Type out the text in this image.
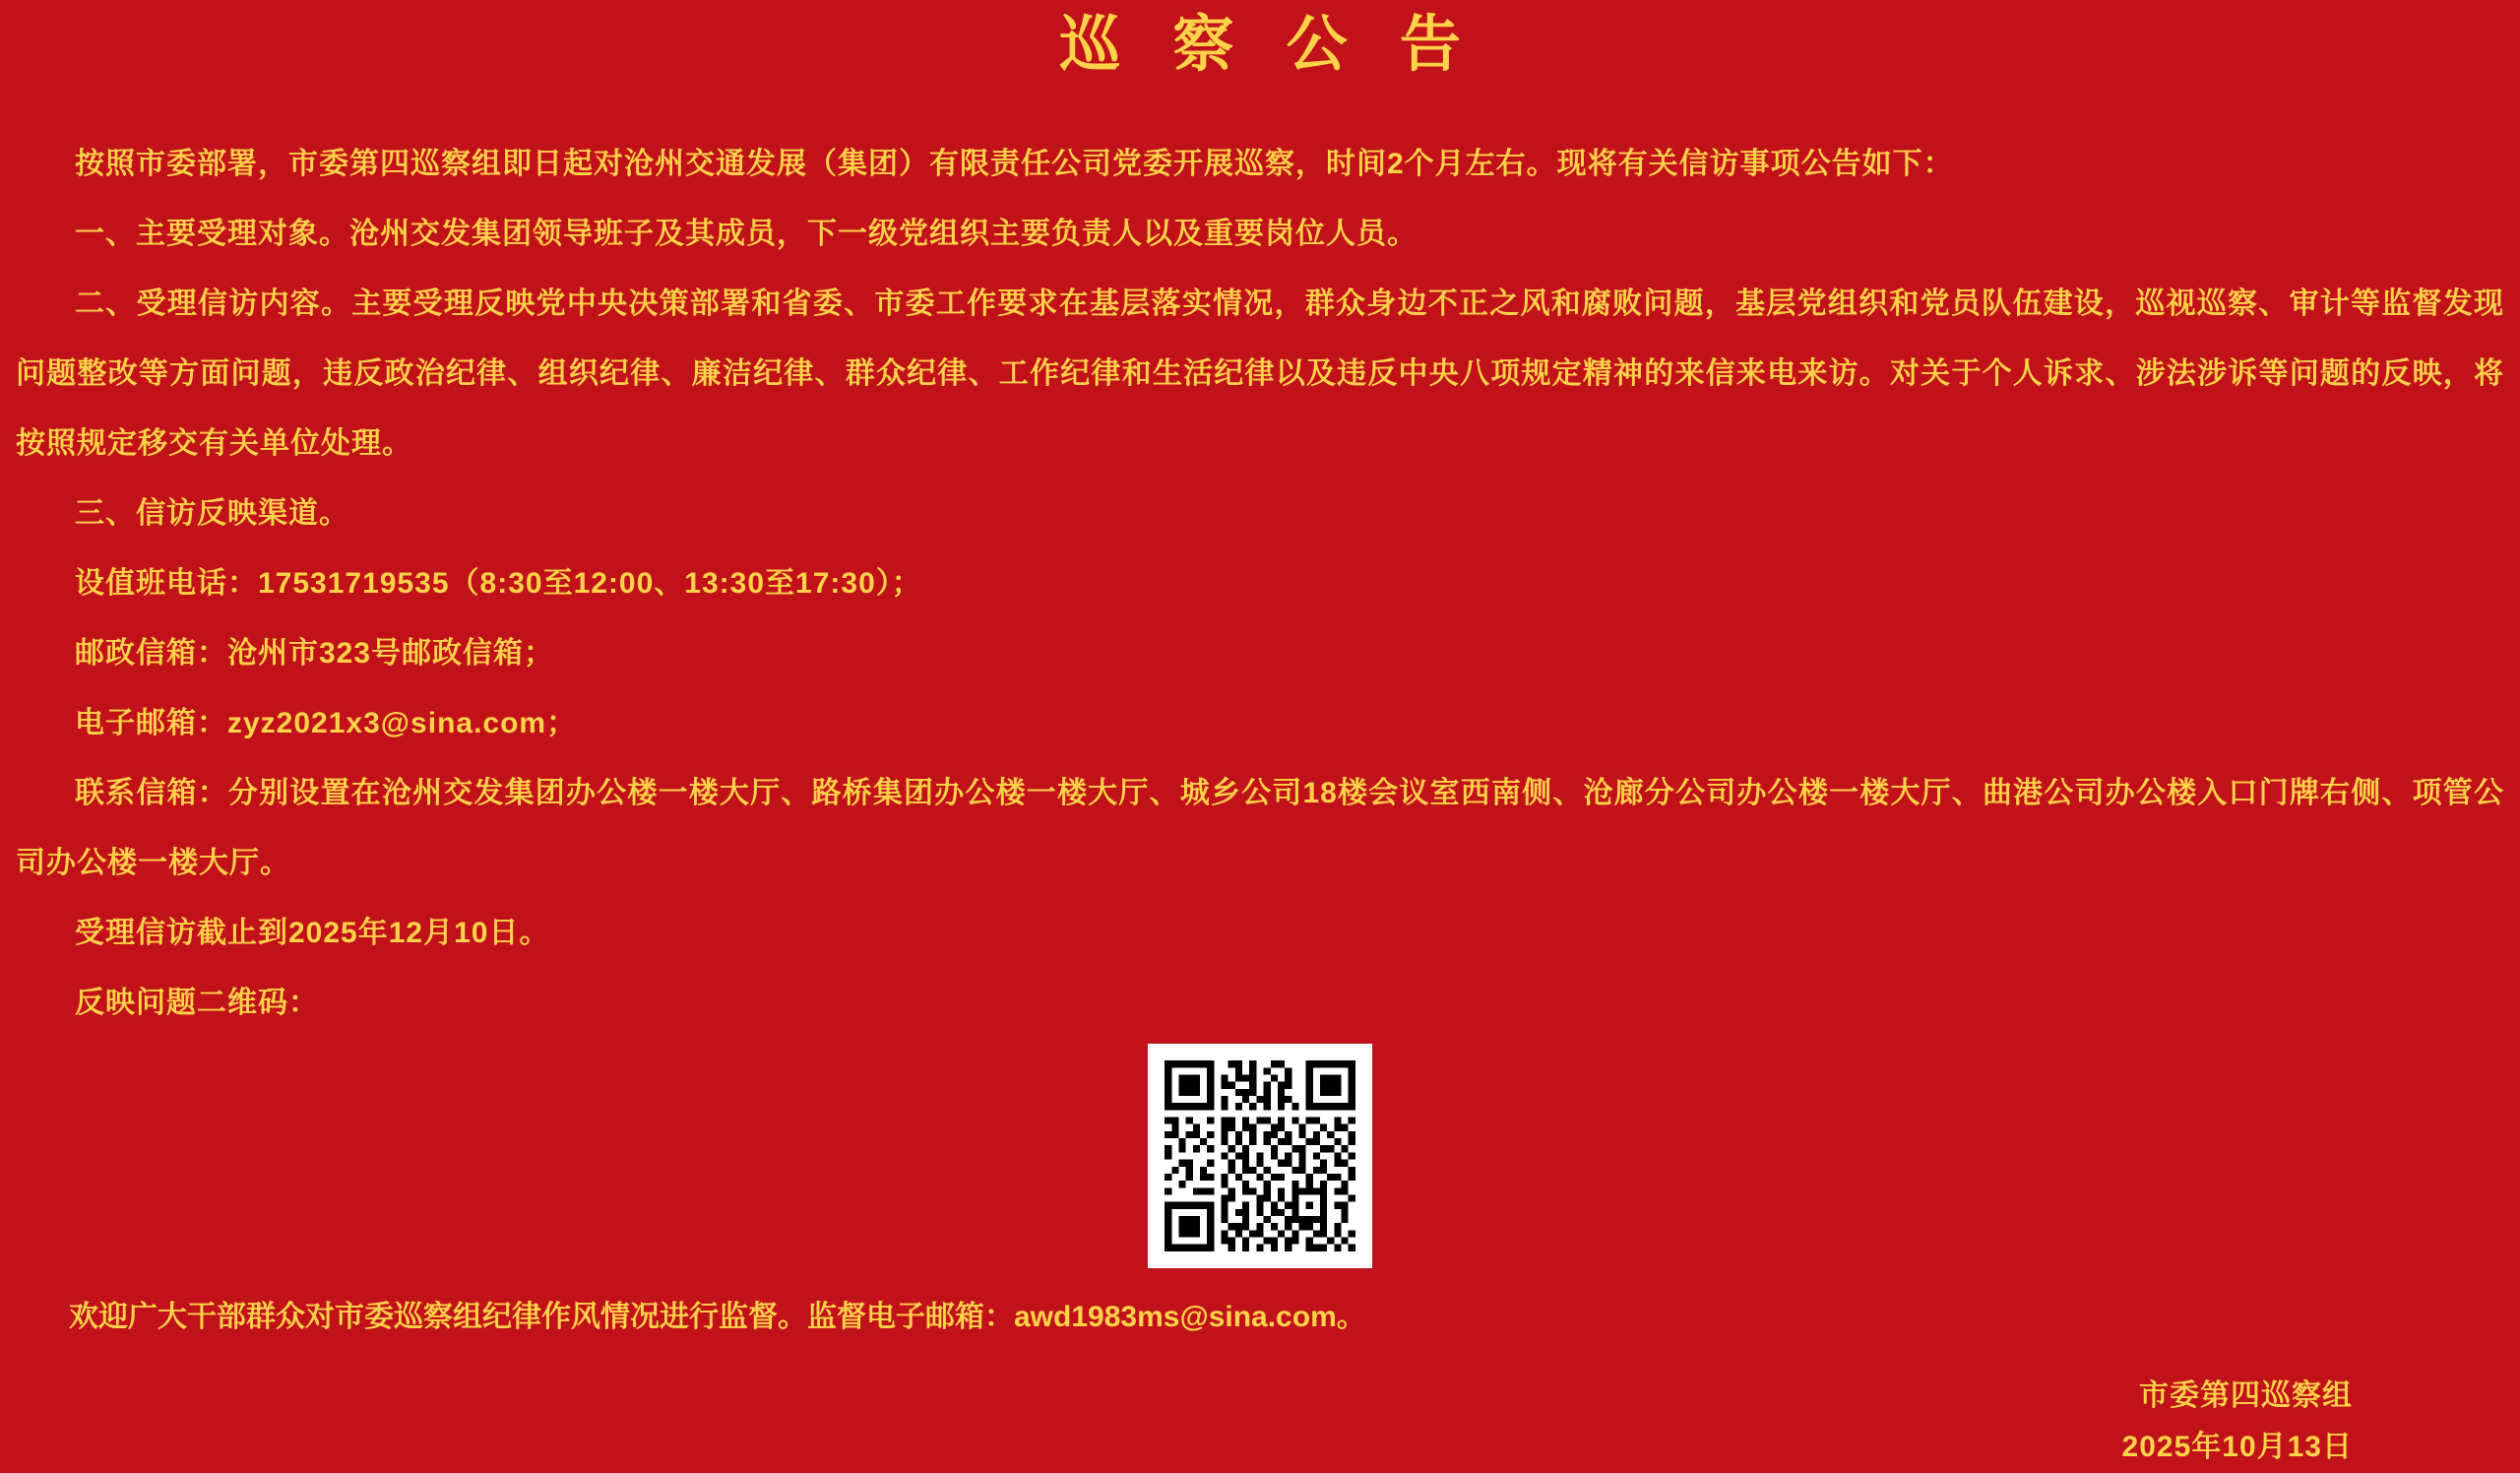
巡 察 公 告

按照市委部署，市委第四巡察组即日起对沧州交通发展（集团）有限责任公司党委开展巡察，时间2个月左右。现将有关信访事项公告如下：

一、主要受理对象。沧州交发集团领导班子及其成员，下一级党组织主要负责人以及重要岗位人员。

二、受理信访内容。主要受理反映党中央决策部署和省委、市委工作要求在基层落实情况，群众身边不正之风和腐败问题，基层党组织和党员队伍建设，巡视巡察、审计等监督发现问题整改等方面问题，违反政治纪律、组织纪律、廉洁纪律、群众纪律、工作纪律和生活纪律以及违反中央八项规定精神的来信来电来访。对关于个人诉求、涉法涉诉等问题的反映，将按照规定移交有关单位处理。

三、信访反映渠道。

设值班电话：17531719535（8:30至12:00、13:30至17:30）；

邮政信箱：沧州市323号邮政信箱；

电子邮箱：zyz2021x3@sina.com；

联系信箱：分别设置在沧州交发集团办公楼一楼大厅、路桥集团办公楼一楼大厅、城乡公司18楼会议室西南侧、沧廊分公司办公楼一楼大厅、曲港公司办公楼入口门牌右侧、项管公司办公楼一楼大厅。

受理信访截止到2025年12月10日。

反映问题二维码：

欢迎广大干部群众对市委巡察组纪律作风情况进行监督。监督电子邮箱：awd1983ms@sina.com。
市委第四巡察组
2025年10月13日
